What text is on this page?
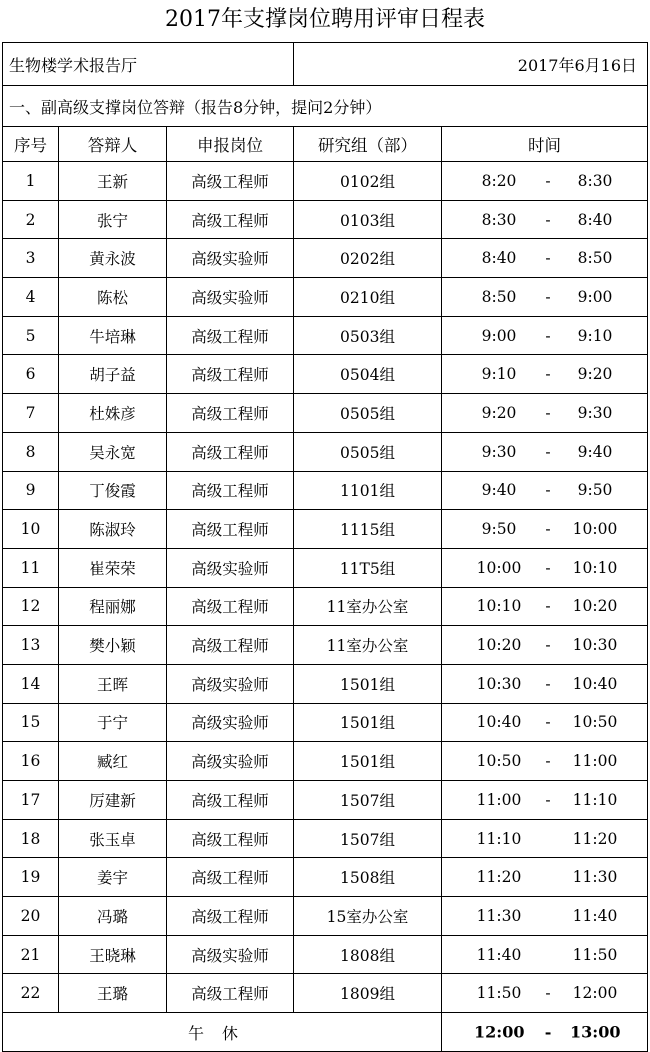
2017年支撑岗位聘用评审日程表
生物楼学术报告厅			2017年6月16日	
一、副高级支撑岗位答辩（报告8分钟，提问2分钟）				
序号	答辩人	申报岗位	研究组（部）	时间
1	王新	高级工程师	0102组	8:20 - 8:30

2	张宁	高级工程师	0103组	8:30 - 8:40

3	黄永波	高级实验师	0202组	8:40 - 8:50

4	陈松	高级实验师	0210组	8:50 - 9:00

5	牛培琳	高级工程师	0503组	9:00 - 9:10

6	胡子益	高级工程师	0504组	9:10 - 9:20

7	杜姝彦	高级工程师	0505组	9:20 - 9:30

8	吴永宽	高级工程师	0505组	9:30 - 9:40

9	丁俊霞	高级工程师	1101组	9:40 - 9:50

10	陈淑玲	高级工程师	1115组	9:50 - 10:00

11	崔荣荣	高级实验师	11T5组	10:00 - 10:10

12	程丽娜	高级工程师	11室办公室	10:10 - 10:20

13	樊小颖	高级工程师	11室办公室	10:20 - 10:30

14	王晖	高级实验师	1501组	10:30 - 10:40

15	于宁	高级实验师	1501组	10:40 - 10:50

16	臧红	高级实验师	1501组	10:50 - 11:00

17	厉建新	高级工程师	1507组	11:00 - 11:10

18	张玉卓	高级工程师	1507组	11:10 11:20

19	姜宇	高级工程师	1508组	11:20 11:30

20	冯璐	高级工程师	15室办公室	11:30 11:40

21	王晓琳	高级实验师	1808组	11:40 11:50

22	王璐	高级工程师	1809组	11:50 - 12:00

午休				12:00 - 13:00
